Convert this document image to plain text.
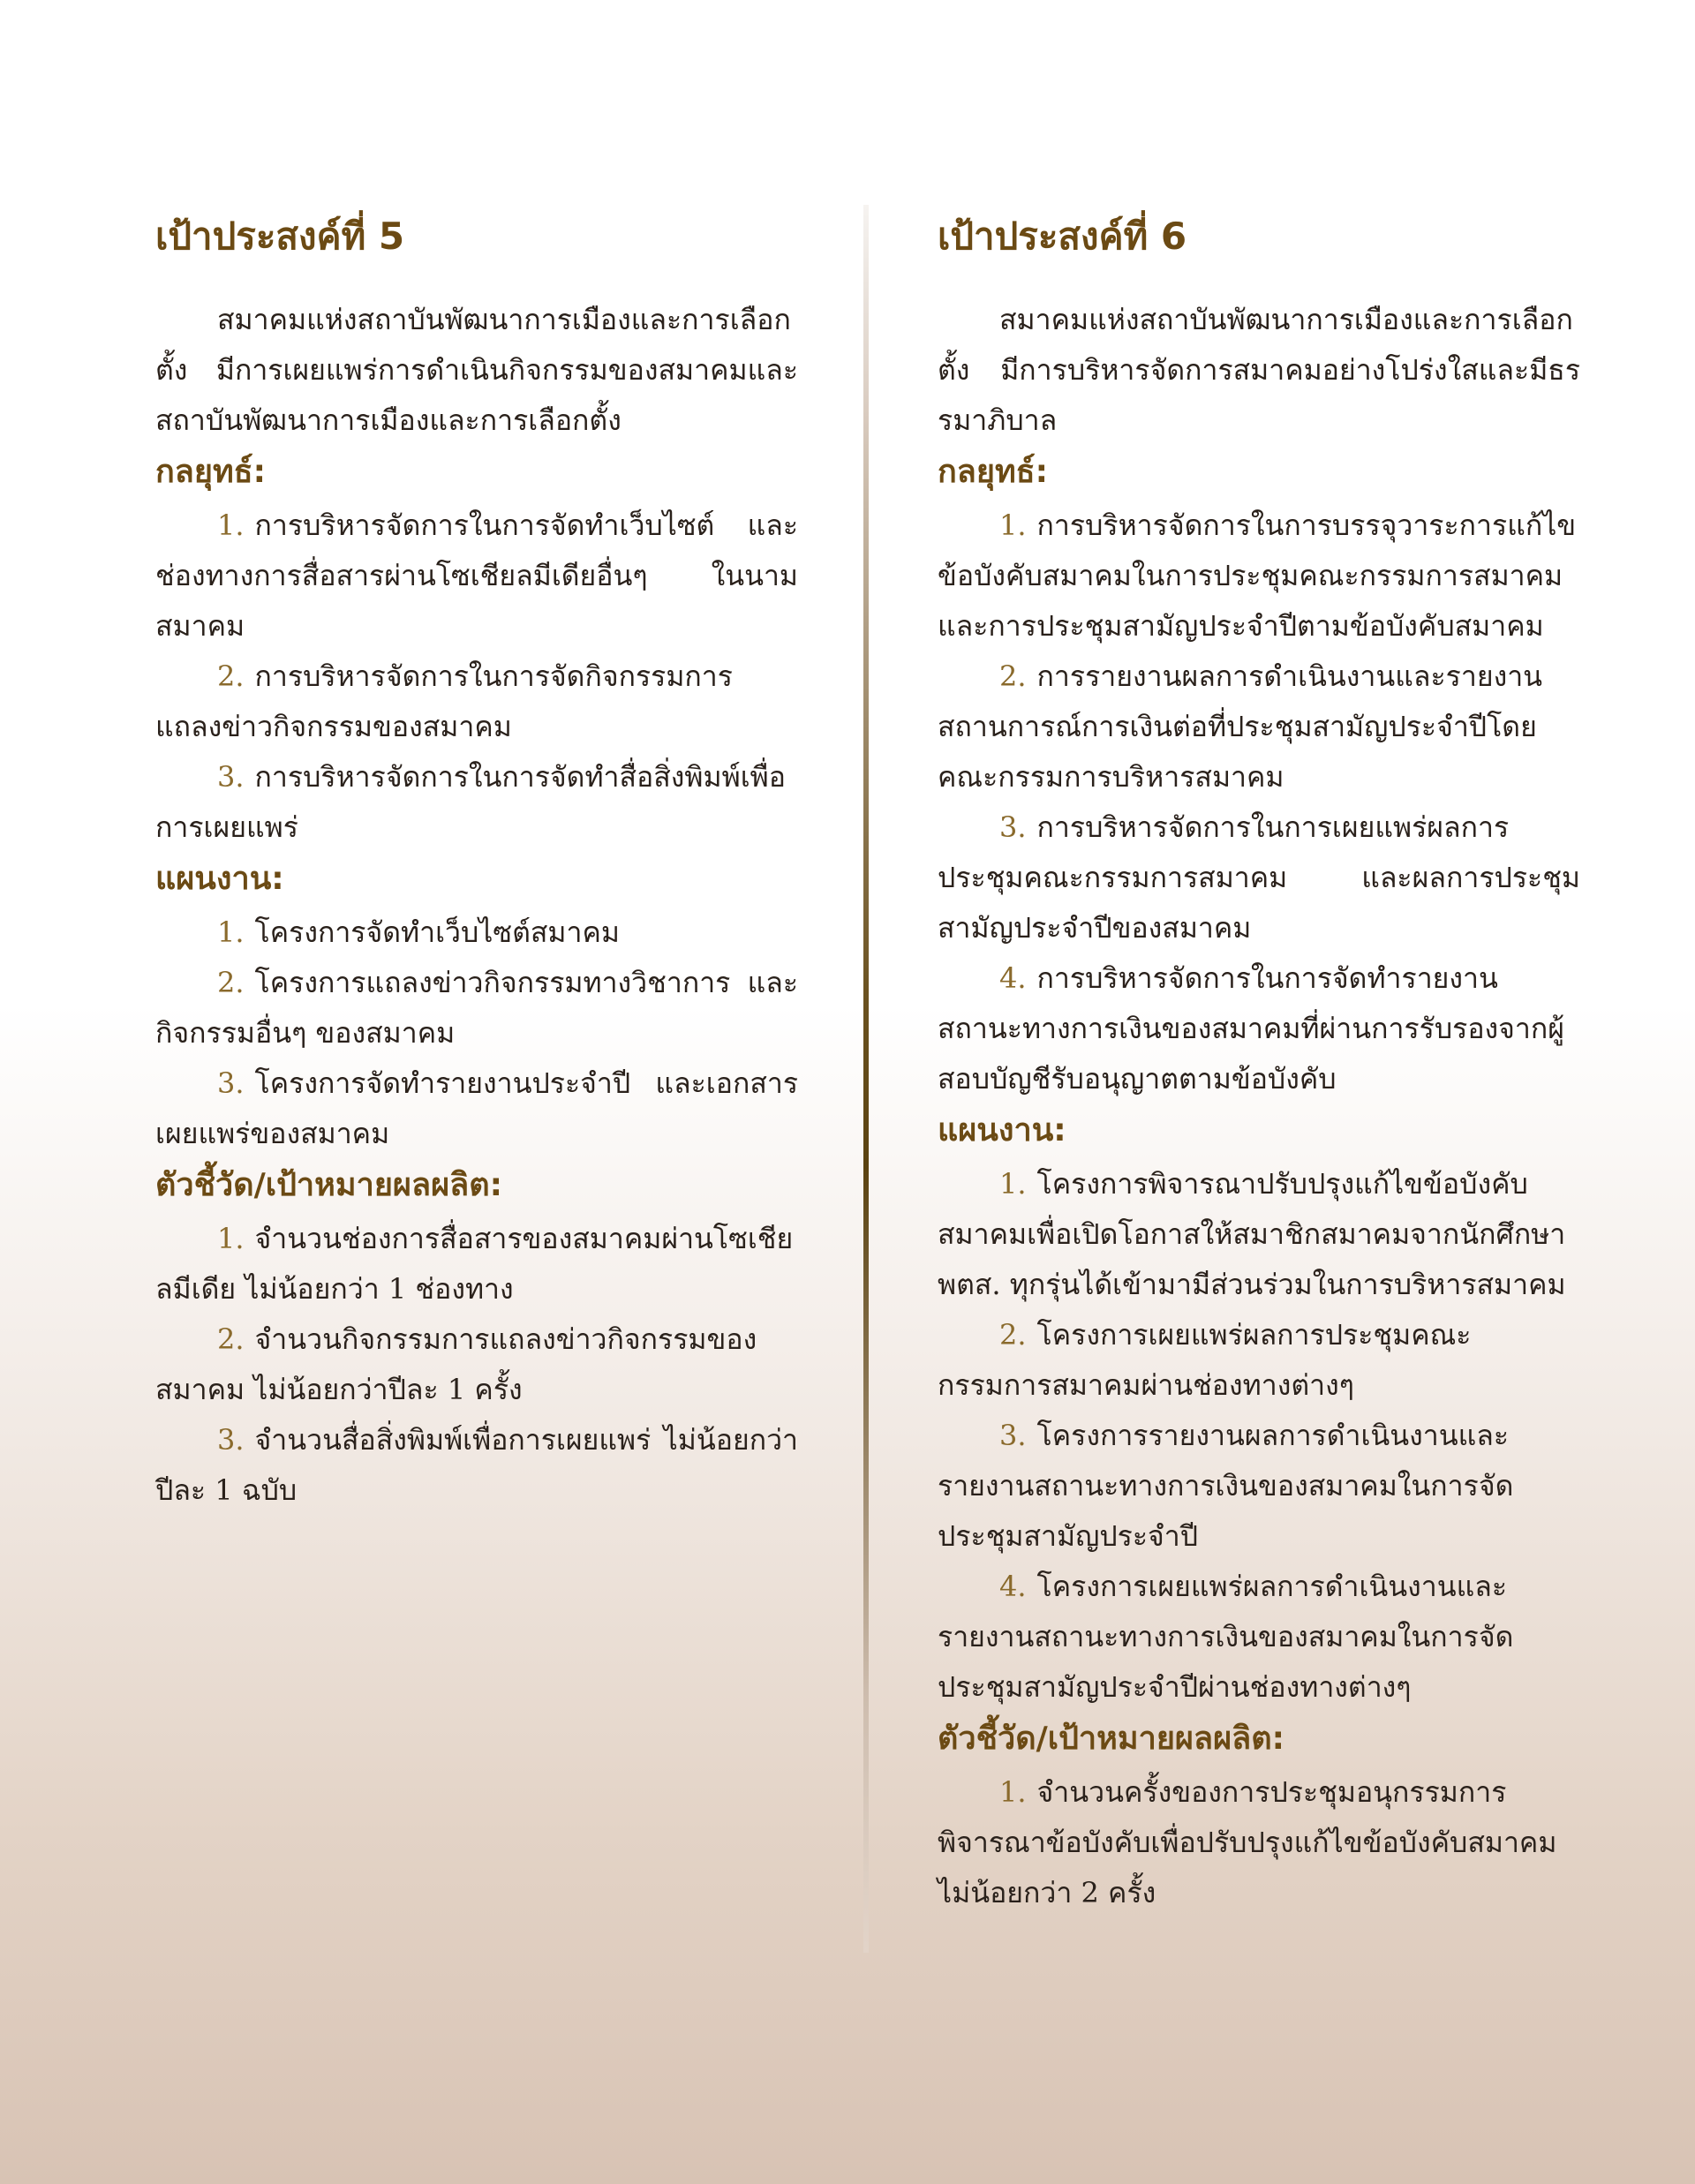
เป้าประสงค์ที่ 5

สมาคมแห่งสถาบันพัฒนาการเมืองและการเลือกตั้ง มีการเผยแพร่การดำเนินกิจกรรมของสมาคมและสถาบันพัฒนาการเมืองและการเลือกตั้ง

กลยุทธ์:

1. การบริหารจัดการในการจัดทำเว็บไซต์ และช่องทางการสื่อสารผ่านโซเชียลมีเดียอื่นๆ ในนามสมาคม

2. การบริหารจัดการในการจัดกิจกรรมการแถลงข่าวกิจกรรมของสมาคม

3. การบริหารจัดการในการจัดทำสื่อสิ่งพิมพ์เพื่อการเผยแพร่

แผนงาน:

1. โครงการจัดทำเว็บไซต์สมาคม

2. โครงการแถลงข่าวกิจกรรมทางวิชาการ และกิจกรรมอื่นๆ ของสมาคม

3. โครงการจัดทำรายงานประจำปี และเอกสารเผยแพร่ของสมาคม

ตัวชี้วัด/เป้าหมายผลผลิต:

1. จำนวนช่องการสื่อสารของสมาคมผ่านโซเชียลมีเดีย ไม่น้อยกว่า 1 ช่องทาง

2. จำนวนกิจกรรมการแถลงข่าวกิจกรรมของสมาคม ไม่น้อยกว่าปีละ 1 ครั้ง

3. จำนวนสื่อสิ่งพิมพ์เพื่อการเผยแพร่ ไม่น้อยกว่าปีละ 1 ฉบับ

เป้าประสงค์ที่ 6

สมาคมแห่งสถาบันพัฒนาการเมืองและการเลือกตั้ง มีการบริหารจัดการสมาคมอย่างโปร่งใสและมีธรรมาภิบาล

กลยุทธ์:

1. การบริหารจัดการในการบรรจุวาระการแก้ไขข้อบังคับสมาคมในการประชุมคณะกรรมการสมาคมและการประชุมสามัญประจำปีตามข้อบังคับสมาคม

2. การรายงานผลการดำเนินงานและรายงานสถานการณ์การเงินต่อที่ประชุมสามัญประจำปีโดยคณะกรรมการบริหารสมาคม

3. การบริหารจัดการในการเผยแพร่ผลการประชุมคณะกรรมการสมาคม และผลการประชุมสามัญประจำปีของสมาคม

4. การบริหารจัดการในการจัดทำรายงานสถานะทางการเงินของสมาคมที่ผ่านการรับรองจากผู้สอบบัญชีรับอนุญาตตามข้อบังคับ

แผนงาน:

1. โครงการพิจารณาปรับปรุงแก้ไขข้อบังคับสมาคมเพื่อเปิดโอกาสให้สมาชิกสมาคมจากนักศึกษา พตส. ทุกรุ่นได้เข้ามามีส่วนร่วมในการบริหารสมาคม

2. โครงการเผยแพร่ผลการประชุมคณะกรรมการสมาคมผ่านช่องทางต่างๆ

3. โครงการรายงานผลการดำเนินงานและรายงานสถานะทางการเงินของสมาคมในการจัดประชุมสามัญประจำปี

4. โครงการเผยแพร่ผลการดำเนินงานและรายงานสถานะทางการเงินของสมาคมในการจัดประชุมสามัญประจำปีผ่านช่องทางต่างๆ

ตัวชี้วัด/เป้าหมายผลผลิต:

1. จำนวนครั้งของการประชุมอนุกรรมการพิจารณาข้อบังคับเพื่อปรับปรุงแก้ไขข้อบังคับสมาคม ไม่น้อยกว่า 2 ครั้ง
